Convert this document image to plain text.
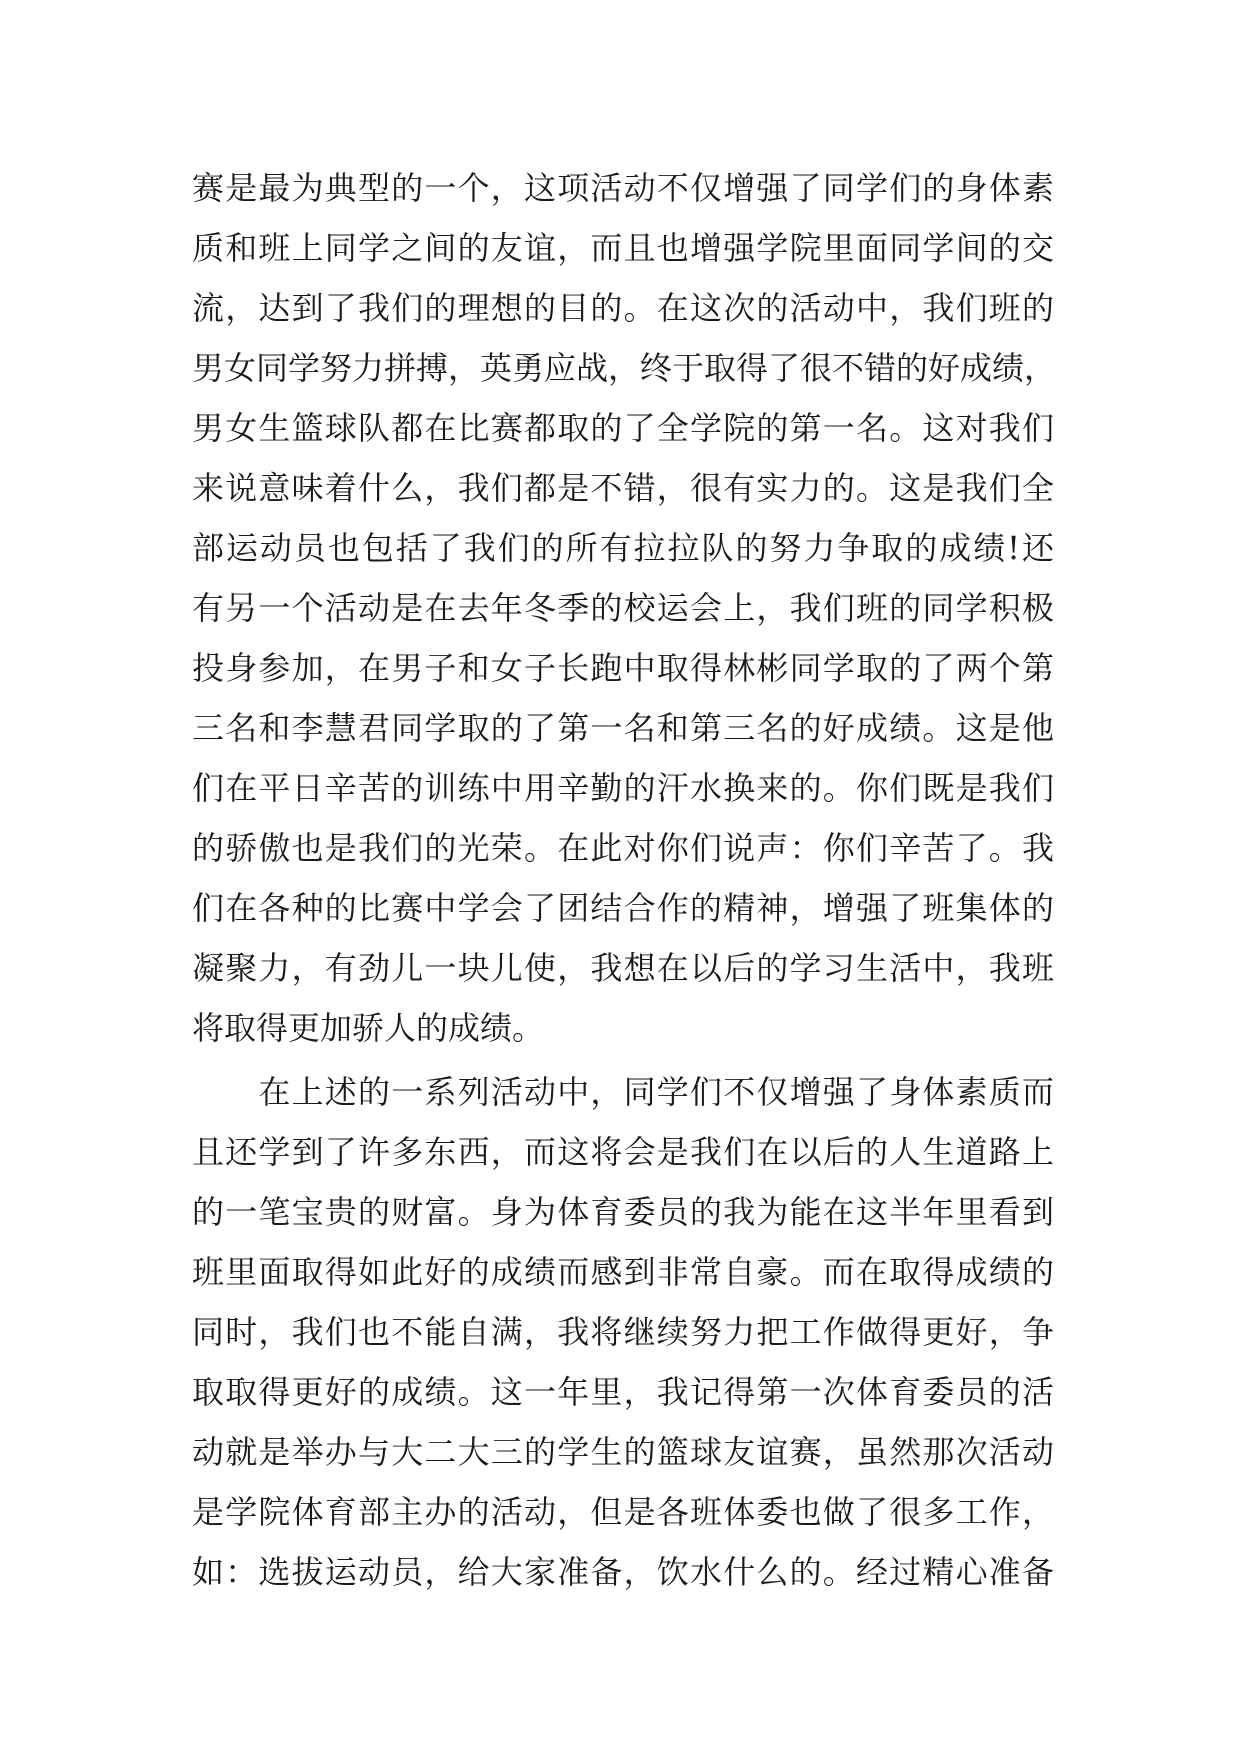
赛是最为典型的一个，这项活动不仅增强了同学们的身体素
质和班上同学之间的友谊，而且也增强学院里面同学间的交
流，达到了我们的理想的目的。在这次的活动中，我们班的
男女同学努力拼搏，英勇应战，终于取得了很不错的好成绩，
男女生篮球队都在比赛都取的了全学院的第一名。这对我们
来说意味着什么，我们都是不错，很有实力的。这是我们全
部运动员也包括了我们的所有拉拉队的努力争取的成绩!还
有另一个活动是在去年冬季的校运会上，我们班的同学积极
投身参加，在男子和女子长跑中取得林彬同学取的了两个第
三名和李慧君同学取的了第一名和第三名的好成绩。这是他
们在平日辛苦的训练中用辛勤的汗水换来的。你们既是我们
的骄傲也是我们的光荣。在此对你们说声：你们辛苦了。我
们在各种的比赛中学会了团结合作的精神，增强了班集体的
凝聚力，有劲儿一块儿使，我想在以后的学习生活中，我班
将取得更加骄人的成绩。
　　在上述的一系列活动中，同学们不仅增强了身体素质而
且还学到了许多东西，而这将会是我们在以后的人生道路上
的一笔宝贵的财富。身为体育委员的我为能在这半年里看到
班里面取得如此好的成绩而感到非常自豪。而在取得成绩的
同时，我们也不能自满，我将继续努力把工作做得更好，争
取取得更好的成绩。这一年里，我记得第一次体育委员的活
动就是举办与大二大三的学生的篮球友谊赛，虽然那次活动
是学院体育部主办的活动，但是各班体委也做了很多工作，
如：选拔运动员，给大家准备，饮水什么的。经过精心准备
